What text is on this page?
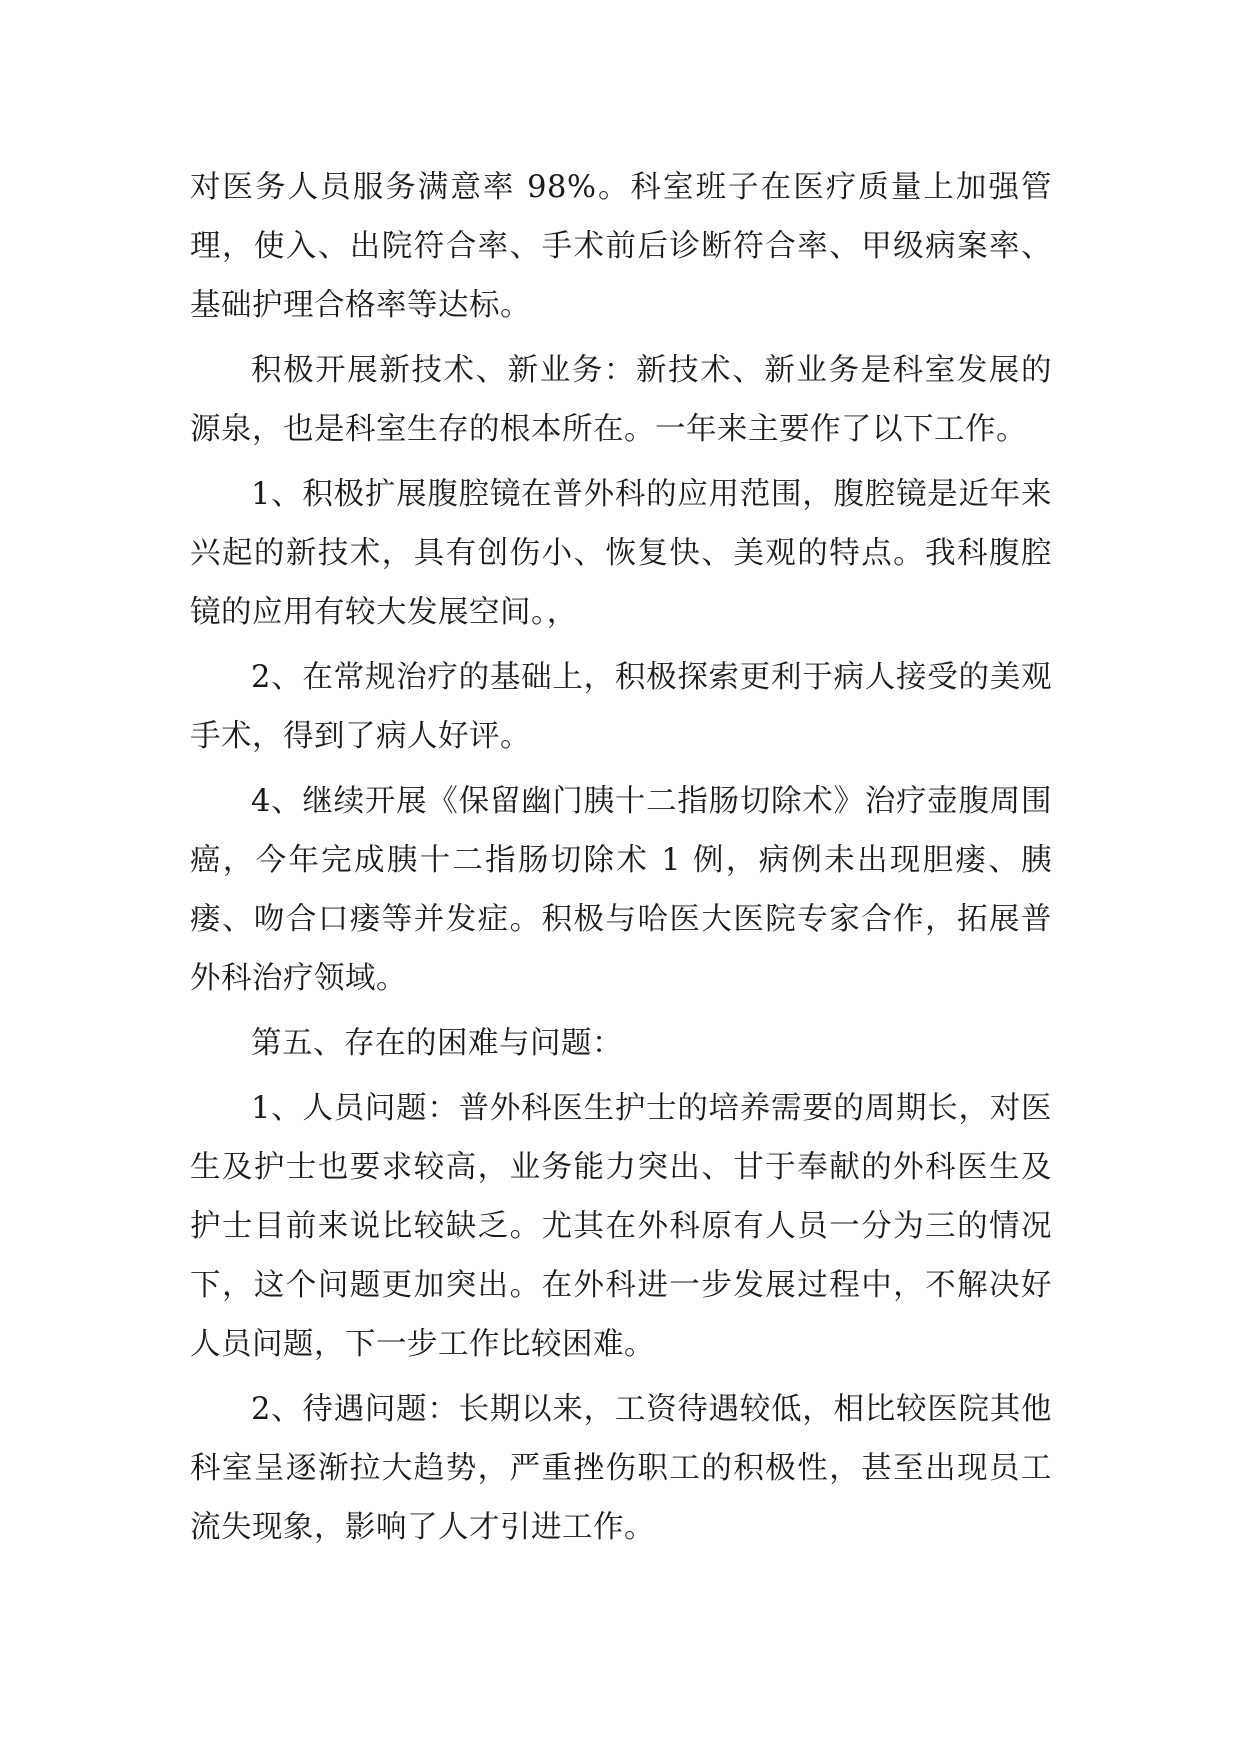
对医务人员服务满意率 98%。科室班子在医疗质量上加强管理，使入、出院符合率、手术前后诊断符合率、甲级病案率、基础护理合格率等达标。

积极开展新技术、新业务：新技术、新业务是科室发展的源泉，也是科室生存的根本所在。一年来主要作了以下工作。

1、积极扩展腹腔镜在普外科的应用范围，腹腔镜是近年来兴起的新技术，具有创伤小、恢复快、美观的特点。我科腹腔镜的应用有较大发展空间。，

2、在常规治疗的基础上，积极探索更利于病人接受的美观手术，得到了病人好评。

4、继续开展《保留幽门胰十二指肠切除术》治疗壶腹周围癌，今年完成胰十二指肠切除术 1 例，病例未出现胆瘘、胰瘘、吻合口瘘等并发症。积极与哈医大医院专家合作，拓展普外科治疗领域。

第五、存在的困难与问题：

1、人员问题：普外科医生护士的培养需要的周期长，对医生及护士也要求较高，业务能力突出、甘于奉献的外科医生及护士目前来说比较缺乏。尤其在外科原有人员一分为三的情况下，这个问题更加突出。在外科进一步发展过程中，不解决好人员问题，下一步工作比较困难。

2、待遇问题：长期以来，工资待遇较低，相比较医院其他科室呈逐渐拉大趋势，严重挫伤职工的积极性，甚至出现员工流失现象，影响了人才引进工作。
